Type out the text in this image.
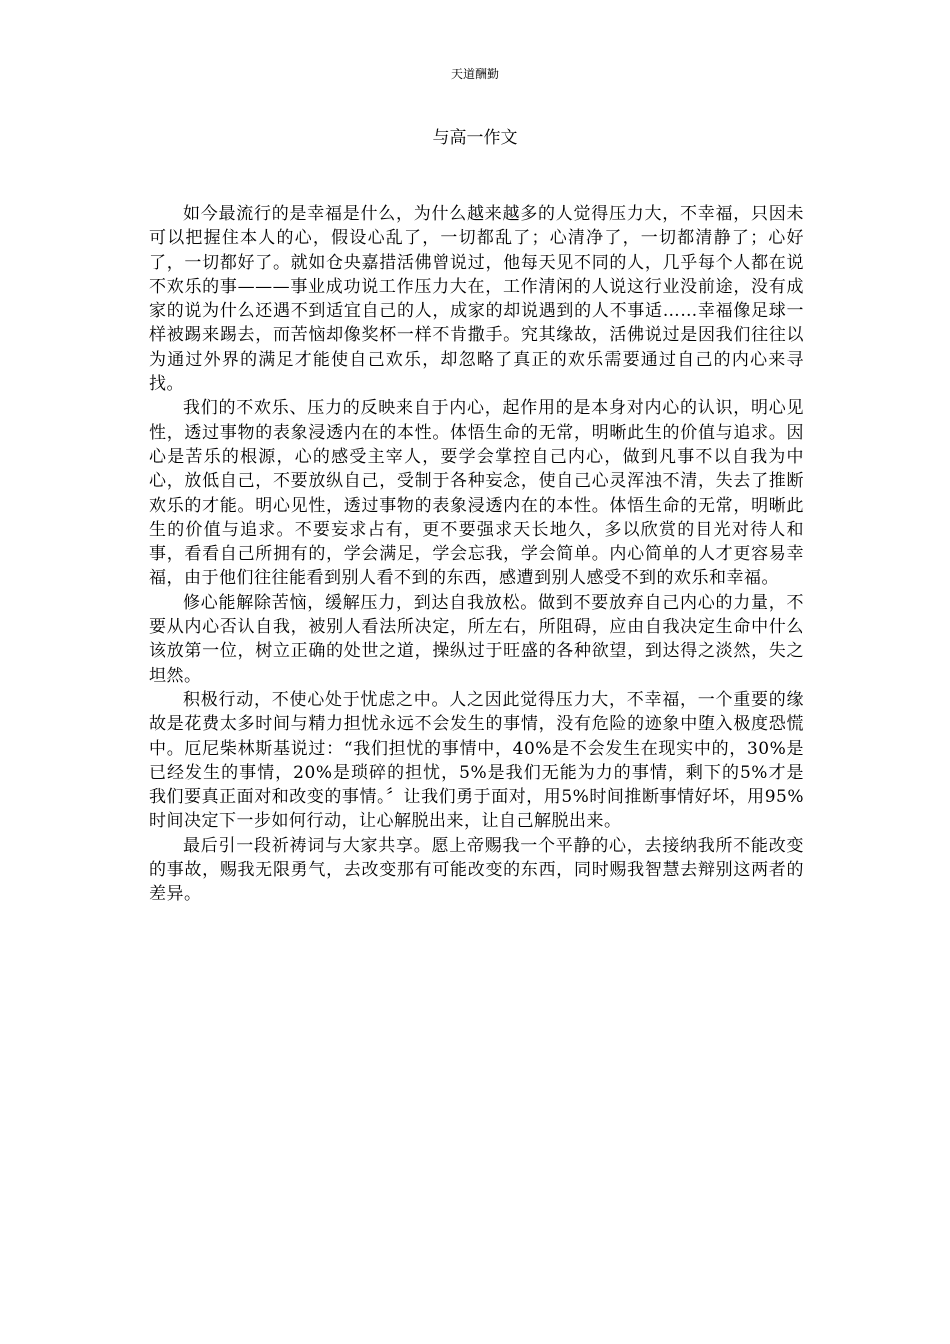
天道酬勤
与高一作文

如今最流行的是幸福是什么，为什么越来越多的人觉得压力大，不幸福，只因未可以把握住本人的心，假设心乱了，一切都乱了；心清净了，一切都清静了；心好了，一切都好了。就如仓央嘉措活佛曾说过，他每天见不同的人，几乎每个人都在说不欢乐的事———事业成功说工作压力大在，工作清闲的人说这行业没前途，没有成家的说为什么还遇不到适宜自己的人，成家的却说遇到的人不事适……幸福像足球一样被踢来踢去，而苦恼却像奖杯一样不肯撒手。究其缘故，活佛说过是因我们往往以为通过外界的满足才能使自己欢乐，却忽略了真正的欢乐需要通过自己的内心来寻找。

我们的不欢乐、压力的反映来自于内心，起作用的是本身对内心的认识，明心见性，透过事物的表象浸透内在的本性。体悟生命的无常，明晰此生的价值与追求。因心是苦乐的根源，心的感受主宰人，要学会掌控自己内心，做到凡事不以自我为中心，放低自己，不要放纵自己，受制于各种妄念，使自己心灵浑浊不清，失去了推断欢乐的才能。明心见性，透过事物的表象浸透内在的本性。体悟生命的无常，明晰此生的价值与追求。不要妄求占有，更不要强求天长地久，多以欣赏的目光对待人和事，看看自己所拥有的，学会满足，学会忘我，学会简单。内心简单的人才更容易幸福，由于他们往往能看到别人看不到的东西，感遭到别人感受不到的欢乐和幸福。

修心能解除苦恼，缓解压力，到达自我放松。做到不要放弃自己内心的力量，不要从内心否认自我，被别人看法所决定，所左右，所阻碍，应由自我决定生命中什么该放第一位，树立正确的处世之道，操纵过于旺盛的各种欲望，到达得之淡然，失之坦然。

积极行动，不使心处于忧虑之中。人之因此觉得压力大，不幸福，一个重要的缘故是花费太多时间与精力担忧永远不会发生的事情，没有危险的迹象中堕入极度恐慌中。厄尼柴林斯基说过：“我们担忧的事情中，40%是不会发生在现实中的，30%是已经发生的事情，20%是琐碎的担忧，5%是我们无能为力的事情，剩下的5%才是我们要真正面对和改变的事情。〞让我们勇于面对，用5%时间推断事情好坏，用95%时间决定下一步如何行动，让心解脱出来，让自己解脱出来。

最后引一段祈祷词与大家共享。愿上帝赐我一个平静的心，去接纳我所不能改变的事故，赐我无限勇气，去改变那有可能改变的东西，同时赐我智慧去辩别这两者的差异。
